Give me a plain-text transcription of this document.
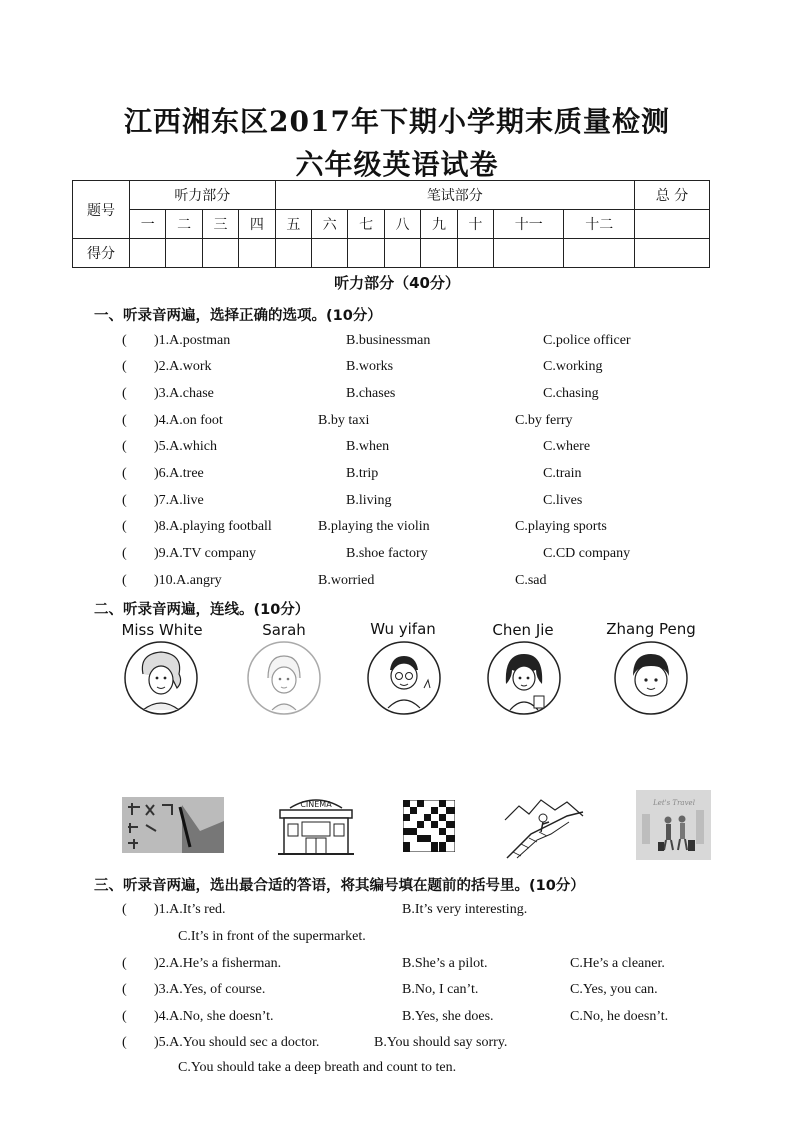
江西湘东区2017年下期小学期末质量检测
六年级英语试卷
题号	听力部分				笔试部分								总 分
	一	二	三	四	五	六	七	八	九	十	十一	十二	
得分													
听力部分（40分）
一、听录音两遍，选择正确的选项。(10分）
( )1.A.postman	B.businessman	C.police officer
( )2.A.work	B.works	C.working
( )3.A.chase	B.chases	C.chasing
( )4.A.on foot	B.by taxi	C.by ferry
( )5.A.which	B.when	C.where
( )6.A.tree	B.trip	C.train
( )7.A.live	B.living	C.lives
( )8.A.playing football	B.playing the violin	C.playing sports
( )9.A.TV company	B.shoe factory	C.CD company
( )10.A.angry	B.worried	C.sad
二、听录音两遍，连线。(10分）
Miss White	Sarah	Wu yifan	Chen Jie	Zhang Peng
CINEMA	Let's Travel
三、听录音两遍，选出最合适的答语，将其编号填在题前的括号里。(10分）
( )1.A.It’s red.	B.It’s very interesting.
C.It’s in front of the supermarket.
( )2.A.He’s a fisherman.	B.She’s a pilot.	C.He’s a cleaner.
( )3.A.Yes, of course.	B.No, I can’t.	C.Yes, you can.
( )4.A.No, she doesn’t.	B.Yes, she does.	C.No, he doesn’t.
( )5.A.You should sec a doctor.	B.You should say sorry.
C.You should take a deep breath and count to ten.
